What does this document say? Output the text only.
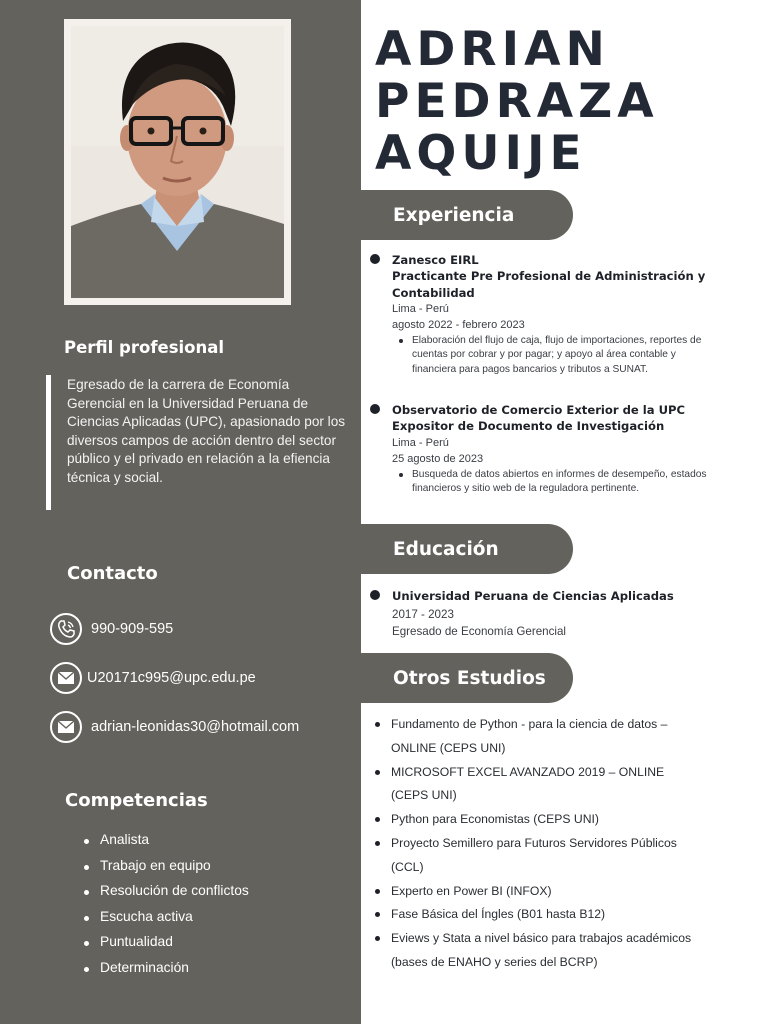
Perfil profesional
Egresado de la carrera de Economía Gerencial en la Universidad Peruana de Ciencias Aplicadas (UPC), apasionado por los diversos campos de acción dentro del sector público y el privado en relación a la efiencia técnica y social.
Contacto
990-909-595
U20171c995@upc.edu.pe
adrian-leonidas30@hotmail.com
Competencias
Analista
Trabajo en equipo
Resolución de conflictos
Escucha activa
Puntualidad
Determinación
ADRIAN
PEDRAZA
AQUIJE
Experiencia
Zanesco EIRL
Practicante Pre Profesional de Administración y Contabilidad
Lima - Perú
agosto 2022 - febrero 2023
Elaboración del flujo de caja, flujo de importaciones, reportes de cuentas por cobrar y por pagar; y apoyo al área contable y financiera para pagos bancarios y tributos a SUNAT.
Observatorio de Comercio Exterior de la UPC
Expositor de Documento de Investigación
Lima - Perú
25 agosto de 2023
Busqueda de datos abiertos en informes de desempeño, estados financieros y sitio web de la reguladora pertinente.
Educación
Universidad Peruana de Ciencias Aplicadas
2017 - 2023
Egresado de Economía Gerencial
Otros Estudios
Fundamento de Python - para la ciencia de datos – ONLINE (CEPS UNI)
MICROSOFT EXCEL AVANZADO 2019 – ONLINE (CEPS UNI)
Python para Economistas (CEPS UNI)
Proyecto Semillero para Futuros Servidores Públicos (CCL)
Experto en Power BI (INFOX)
Fase Básica del Íngles (B01 hasta B12)
Eviews y Stata a nivel básico para trabajos académicos (bases de ENAHO y series del BCRP)
